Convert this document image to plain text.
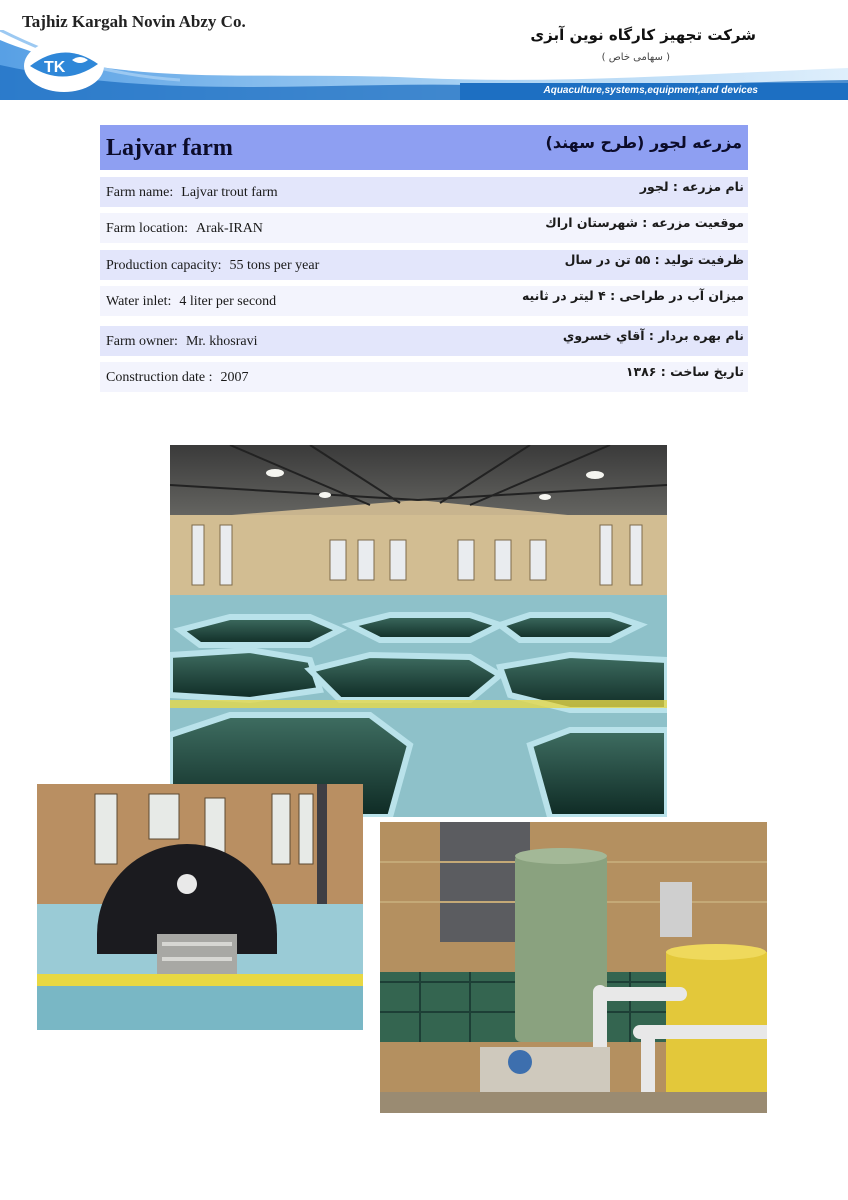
TK
Tajhiz Kargah Novin Abzy Co.
شرکت تجهیز کارگاه نوین آبزی
( سهامی خاص )
Aquaculture,systems,equipment,and devices
Lajvar farm	مزرعه لجور (طرح سهند)
Farm name: Lajvar trout farm	نام مزرعه : لجور
Farm location: Arak-IRAN	موقعیت مزرعه : شهرستان اراك
Production capacity: 55 tons per year	ظرفیت تولید : ۵۵ تن در سال
Water inlet: 4 liter per second	میزان آب در طراحی : ۴ لیتر در ثانیه
Farm owner: Mr. khosravi	نام بهره بردار : آقاي خسروي
Construction date : 2007	تاریخ ساخت : ۱۳۸۶
